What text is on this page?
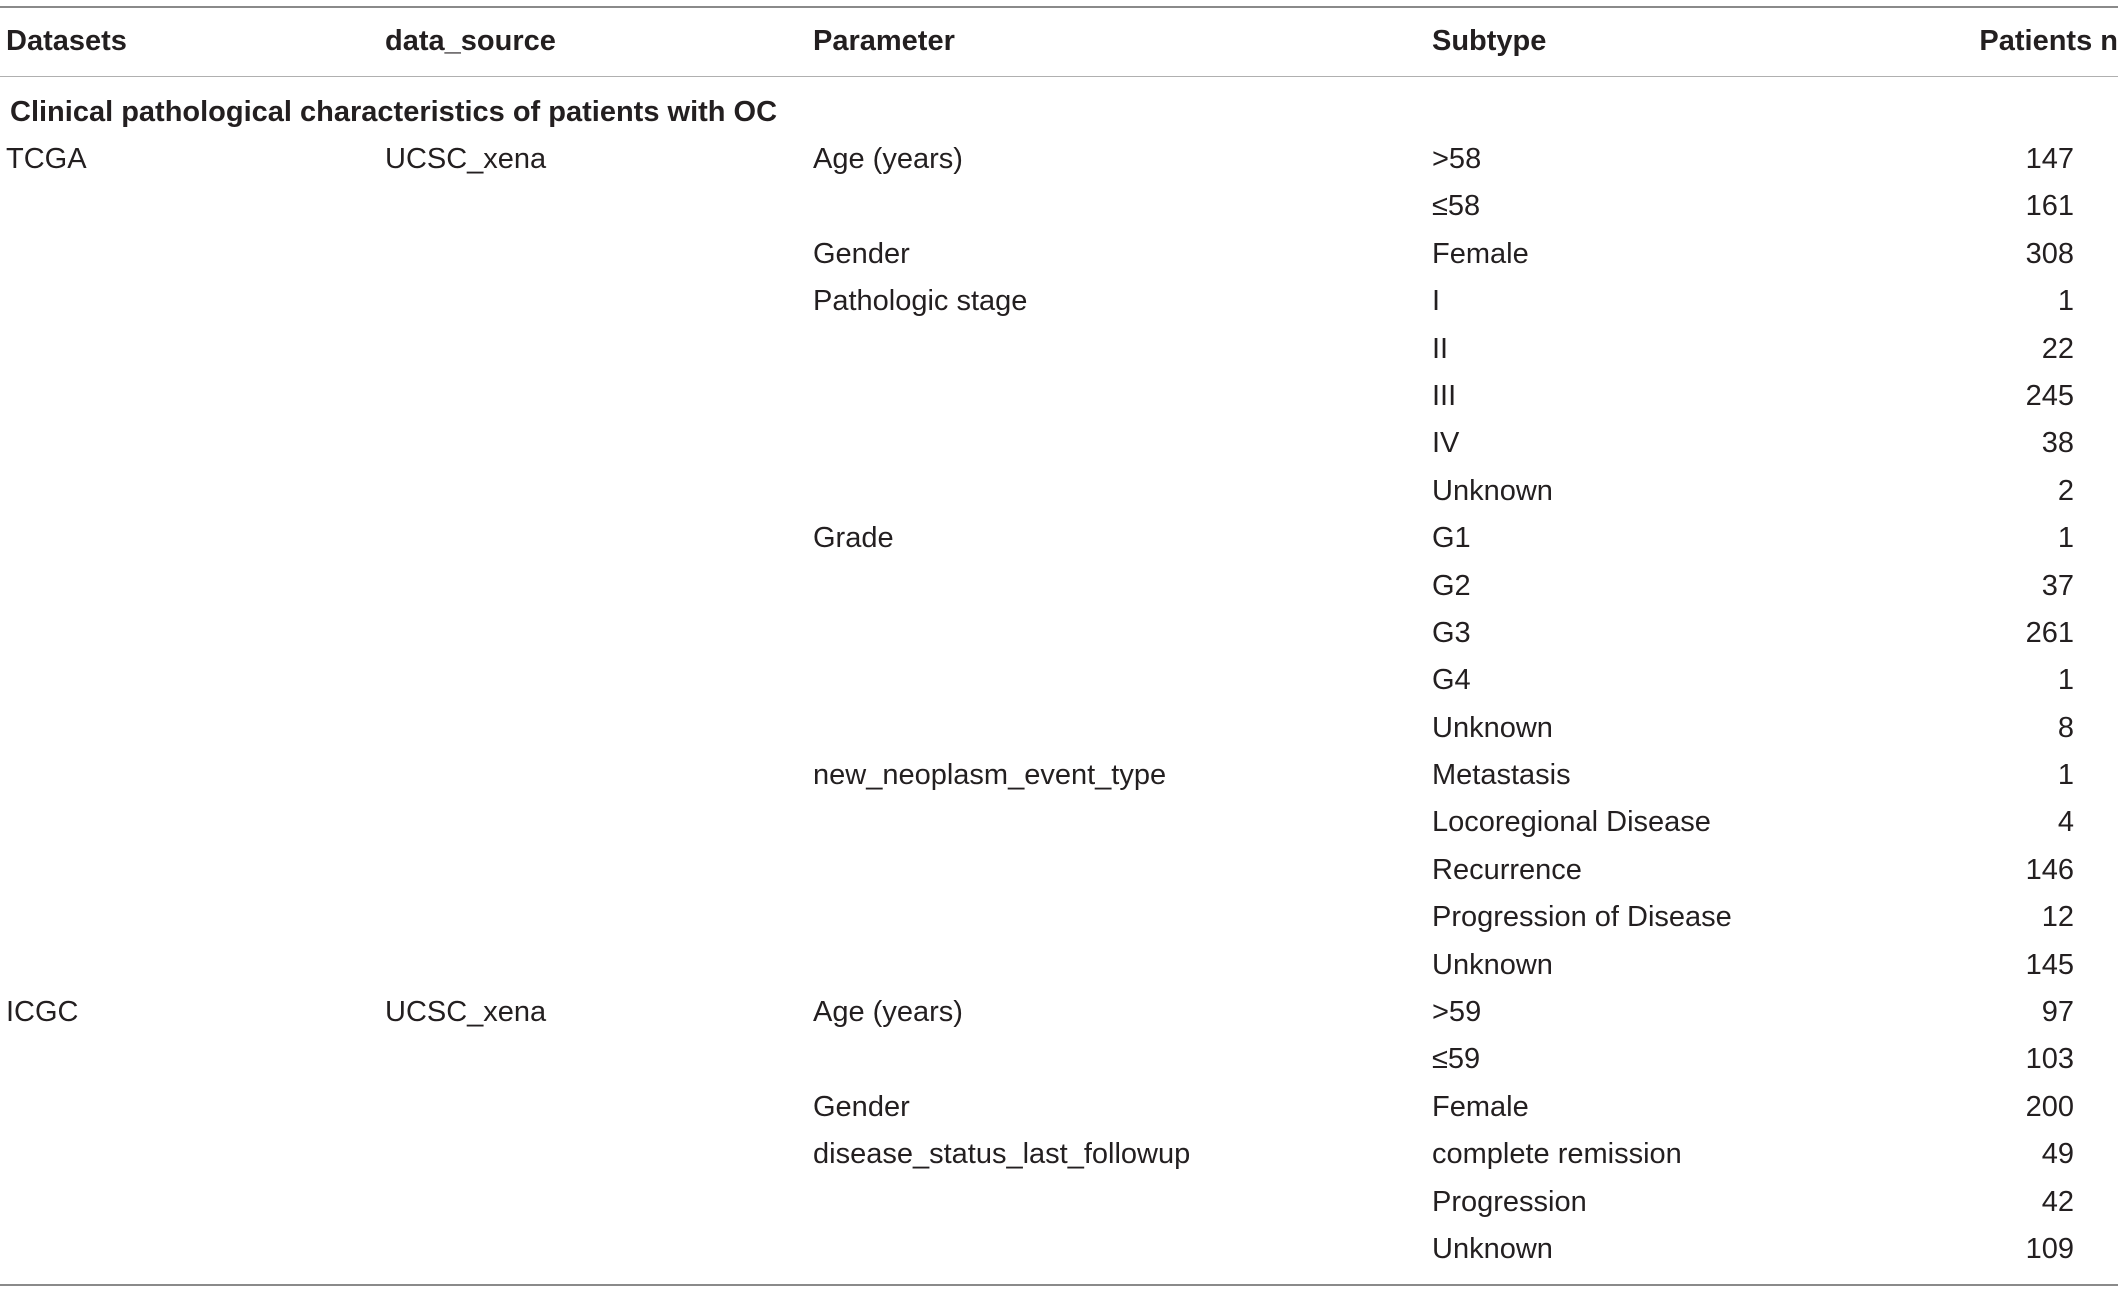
Datasets	data_source	Parameter	Subtype	Patients n
Clinical pathological characteristics of patients with OC
TCGA	UCSC_xena	Age (years)	>58	147
≤58	161
Gender	Female	308
Pathologic stage	I	1
II	22
III	245
IV	38
Unknown	2
Grade	G1	1
G2	37
G3	261
G4	1
Unknown	8
new_neoplasm_event_type	Metastasis	1
Locoregional Disease	4
Recurrence	146
Progression of Disease	12
Unknown	145
ICGC	UCSC_xena	Age (years)	>59	97
≤59	103
Gender	Female	200
disease_status_last_followup	complete remission	49
Progression	42
Unknown	109
